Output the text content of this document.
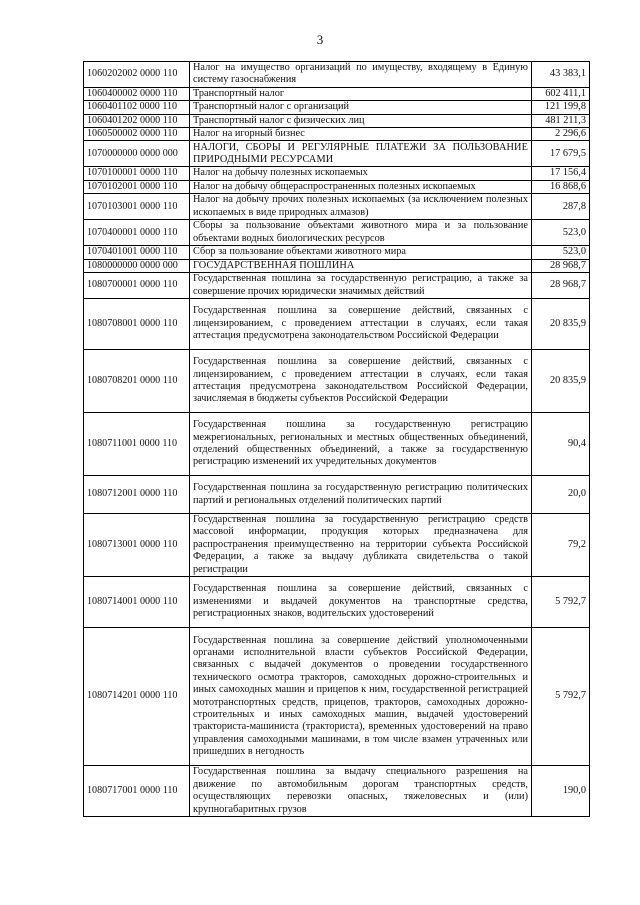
3
1060202002 0000 110	Налог на имущество организаций по имуществу, входящему в Единую систему газоснабжения	43 383,1
1060400002 0000 110	Транспортный налог	602 411,1
1060401102 0000 110	Транспортный налог с организаций	121 199,8
1060401202 0000 110	Транспортный налог с физических лиц	481 211,3
1060500002 0000 110	Налог на игорный бизнес	2 296,6
1070000000 0000 000	НАЛОГИ, СБОРЫ И РЕГУЛЯРНЫЕ ПЛАТЕЖИ ЗА ПОЛЬЗОВАНИЕ ПРИРОДНЫМИ РЕСУРСАМИ	17 679,5
1070100001 0000 110	Налог на добычу полезных ископаемых	17 156,4
1070102001 0000 110	Налог на добычу общераспространенных полезных ископаемых	16 868,6
1070103001 0000 110	Налог на добычу прочих полезных ископаемых (за исключением полезных ископаемых в виде природных алмазов)	287,8
1070400001 0000 110	Сборы за пользование объектами животного мира и за пользование объектами водных биологических ресурсов	523,0
1070401001 0000 110	Сбор за пользование объектами животного мира	523,0
1080000000 0000 000	ГОСУДАРСТВЕННАЯ ПОШЛИНА	28 968,7
1080700001 0000 110	Государственная пошлина за государственную регистрацию, а также за совершение прочих юридически значимых действий	28 968,7
1080708001 0000 110	Государственная пошлина за совершение действий, связанных с лицензированием, с проведением аттестации в случаях, если такая аттестация предусмотрена законодательством Российской Федерации	20 835,9
1080708201 0000 110	Государственная пошлина за совершение действий, связанных с лицензированием, с проведением аттестации в случаях, если такая аттестация предусмотрена законодательством Российской Федерации, зачисляемая в бюджеты субъектов Российской Федерации	20 835,9
1080711001 0000 110	Государственная пошлина за государственную регистрацию межрегиональных, региональных и местных общественных объединений, отделений общественных объединений, а также за государственную регистрацию изменений их учредительных документов	90,4
1080712001 0000 110	Государственная пошлина за государственную регистрацию политических партий и региональных отделений политических партий	20,0
1080713001 0000 110	Государственная пошлина за государственную регистрацию средств массовой информации, продукция которых предназначена для распространения преимущественно на территории субъекта Российской Федерации, а также за выдачу дубликата свидетельства о такой регистрации	79,2
1080714001 0000 110	Государственная пошлина за совершение действий, связанных с изменениями и выдачей документов на транспортные средства, регистрационных знаков, водительских удостоверений	5 792,7
1080714201 0000 110	Государственная пошлина за совершение действий уполномоченными органами исполнительной власти субъектов Российской Федерации, связанных с выдачей документов о проведении государственного технического осмотра тракторов, самоходных дорожно-строительных и иных самоходных машин и прицепов к ним, государственной регистрацией мототранспортных средств, прицепов, тракторов, самоходных дорожно-строительных и иных самоходных машин, выдачей удостоверений тракториста-машиниста (тракториста), временных удостоверений на право управления самоходными машинами, в том числе взамен утраченных или пришедших в негодность	5 792,7
1080717001 0000 110	Государственная пошлина за выдачу специального разрешения на движение по автомобильным дорогам транспортных средств, осуществляющих перевозки опасных, тяжеловесных и (или) крупногабаритных грузов	190,0
